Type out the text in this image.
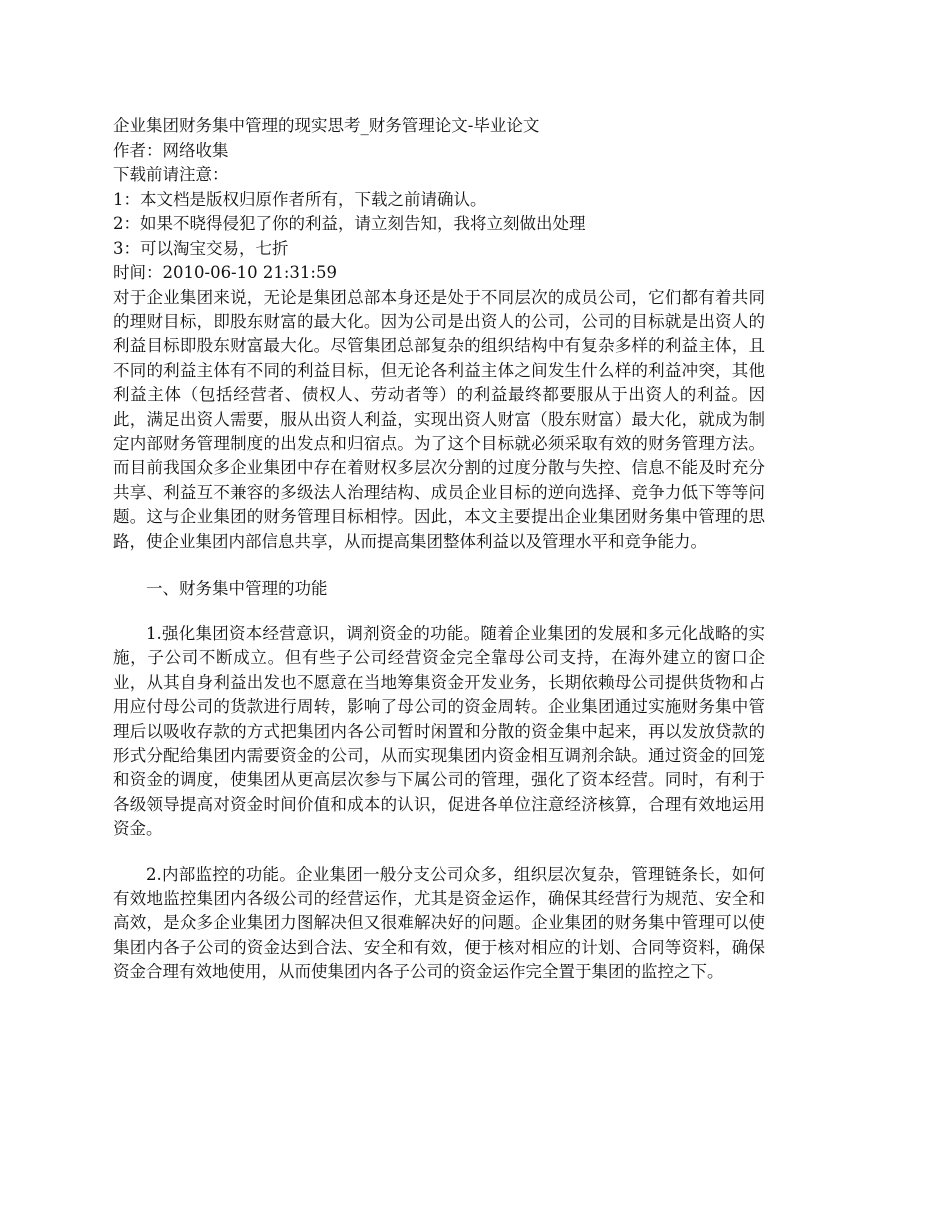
企业集团财务集中管理的现实思考_财务管理论文-毕业论文
作者：网络收集
下载前请注意：
1：本文档是版权归原作者所有，下载之前请确认。
2：如果不晓得侵犯了你的利益，请立刻告知，我将立刻做出处理
3：可以淘宝交易，七折
时间：2010-06-10 21:31:59

对于企业集团来说，无论是集团总部本身还是处于不同层次的成员公司，它们都有着共同的理财目标，即股东财富的最大化。因为公司是出资人的公司，公司的目标就是出资人的利益目标即股东财富最大化。尽管集团总部复杂的组织结构中有复杂多样的利益主体，且不同的利益主体有不同的利益目标，但无论各利益主体之间发生什么样的利益冲突，其他利益主体（包括经营者、债权人、劳动者等）的利益最终都要服从于出资人的利益。因此，满足出资人需要，服从出资人利益，实现出资人财富（股东财富）最大化，就成为制定内部财务管理制度的出发点和归宿点。为了这个目标就必须采取有效的财务管理方法。而目前我国众多企业集团中存在着财权多层次分割的过度分散与失控、信息不能及时充分共享、利益互不兼容的多级法人治理结构、成员企业目标的逆向选择、竞争力低下等等问题。这与企业集团的财务管理目标相悖。因此，本文主要提出企业集团财务集中管理的思路，使企业集团内部信息共享，从而提高集团整体利益以及管理水平和竞争能力。

一、财务集中管理的功能

1.强化集团资本经营意识，调剂资金的功能。随着企业集团的发展和多元化战略的实施，子公司不断成立。但有些子公司经营资金完全靠母公司支持，在海外建立的窗口企业，从其自身利益出发也不愿意在当地筹集资金开发业务，长期依赖母公司提供货物和占用应付母公司的货款进行周转，影响了母公司的资金周转。企业集团通过实施财务集中管理后以吸收存款的方式把集团内各公司暂时闲置和分散的资金集中起来，再以发放贷款的形式分配给集团内需要资金的公司，从而实现集团内资金相互调剂余缺。通过资金的回笼和资金的调度，使集团从更高层次参与下属公司的管理，强化了资本经营。同时，有利于各级领导提高对资金时间价值和成本的认识，促进各单位注意经济核算，合理有效地运用资金。

2.内部监控的功能。企业集团一般分支公司众多，组织层次复杂，管理链条长，如何有效地监控集团内各级公司的经营运作，尤其是资金运作，确保其经营行为规范、安全和高效，是众多企业集团力图解决但又很难解决好的问题。企业集团的财务集中管理可以使集团内各子公司的资金达到合法、安全和有效，便于核对相应的计划、合同等资料，确保资金合理有效地使用，从而使集团内各子公司的资金运作完全置于集团的监控之下。
